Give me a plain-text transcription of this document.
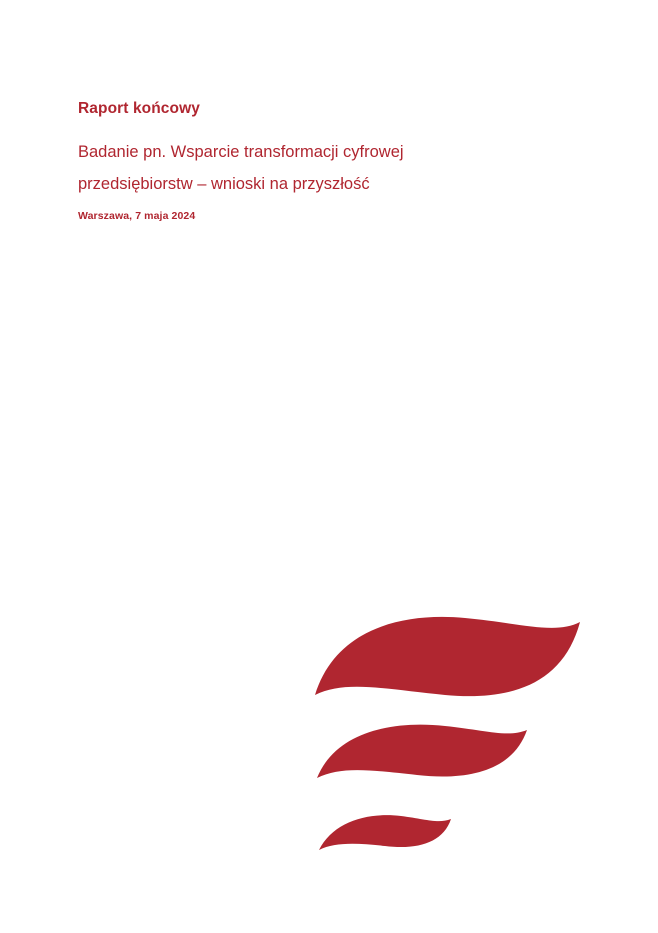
Raport końcowy

Badanie pn. Wsparcie transformacji cyfrowej przedsiębiorstw – wnioski na przyszłość

Warszawa, 7 maja 2024
